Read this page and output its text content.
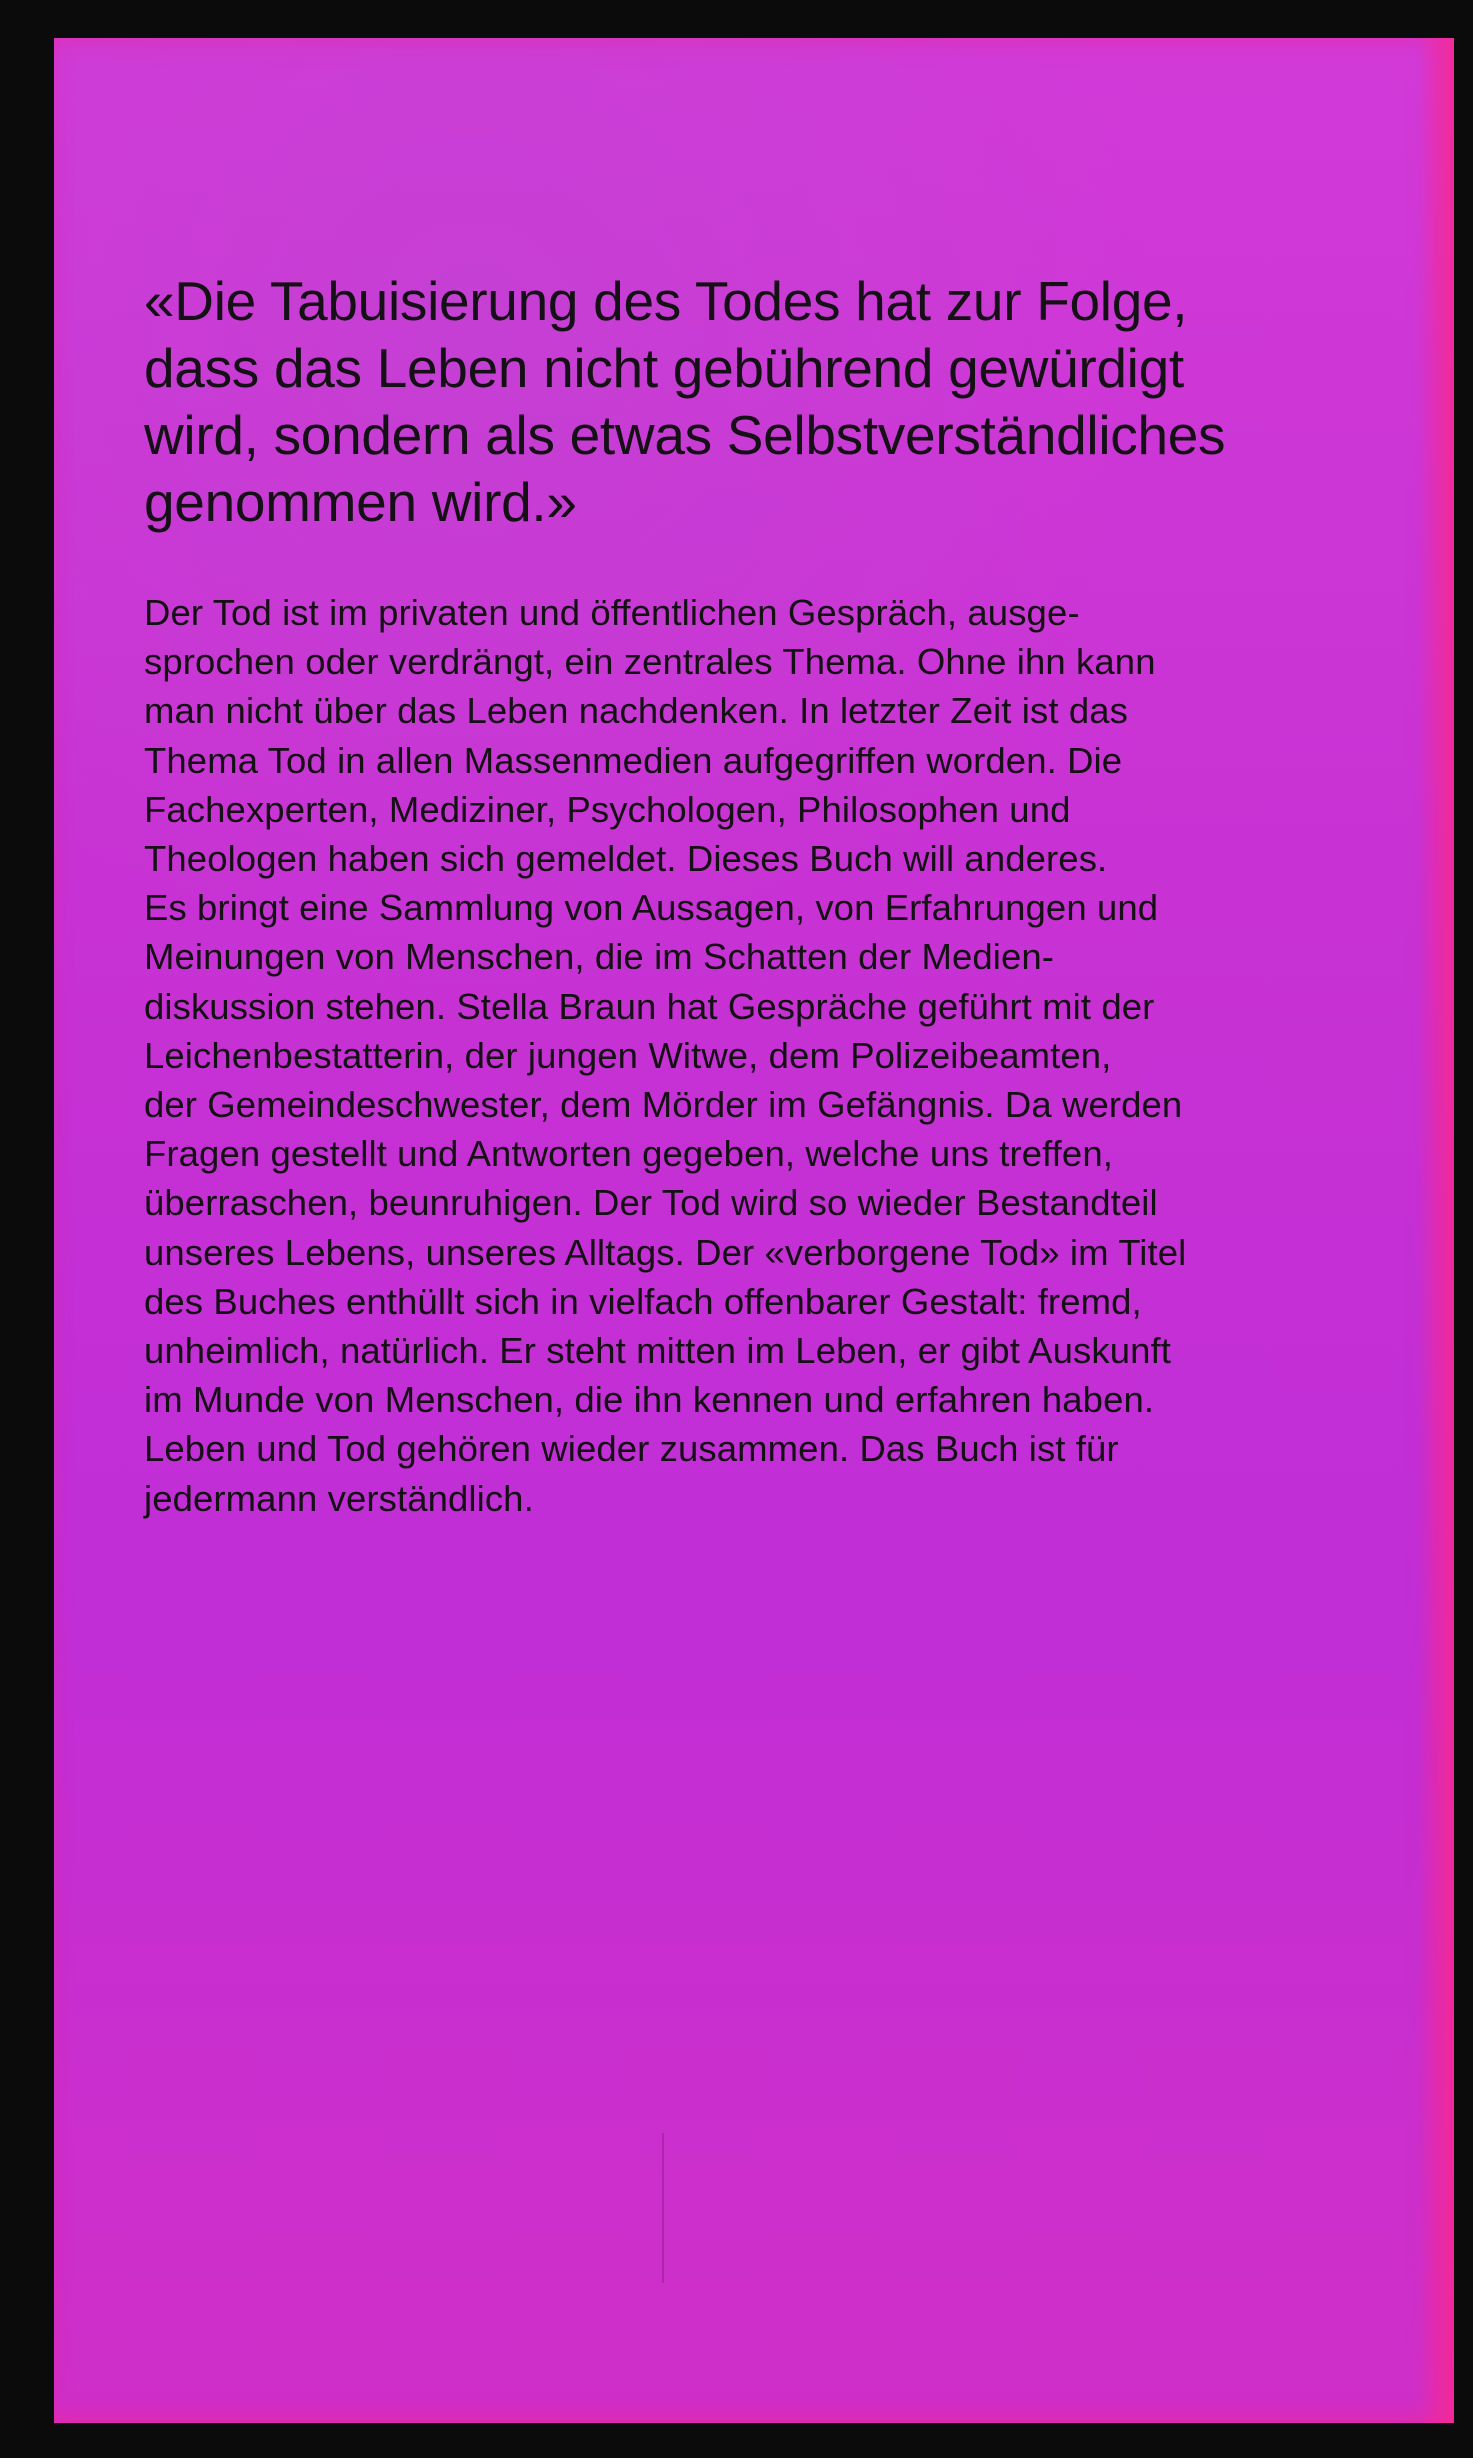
«Die Tabuisierung des Todes hat zur Folge,
dass das Leben nicht gebührend gewürdigt
wird, sondern als etwas Selbstverständliches
genommen wird.»

Der Tod ist im privaten und öffentlichen Gespräch, ausge-
sprochen oder verdrängt, ein zentrales Thema. Ohne ihn kann
man nicht über das Leben nachdenken. In letzter Zeit ist das
Thema Tod in allen Massenmedien aufgegriffen worden. Die
Fachexperten, Mediziner, Psychologen, Philosophen und
Theologen haben sich gemeldet. Dieses Buch will anderes.
Es bringt eine Sammlung von Aussagen, von Erfahrungen und
Meinungen von Menschen, die im Schatten der Medien-
diskussion stehen. Stella Braun hat Gespräche geführt mit der
Leichenbestatterin, der jungen Witwe, dem Polizeibeamten,
der Gemeindeschwester, dem Mörder im Gefängnis. Da werden
Fragen gestellt und Antworten gegeben, welche uns treffen,
überraschen, beunruhigen. Der Tod wird so wieder Bestandteil
unseres Lebens, unseres Alltags. Der «verborgene Tod» im Titel
des Buches enthüllt sich in vielfach offenbarer Gestalt: fremd,
unheimlich, natürlich. Er steht mitten im Leben, er gibt Auskunft
im Munde von Menschen, die ihn kennen und erfahren haben.
Leben und Tod gehören wieder zusammen. Das Buch ist für
jedermann verständlich.
